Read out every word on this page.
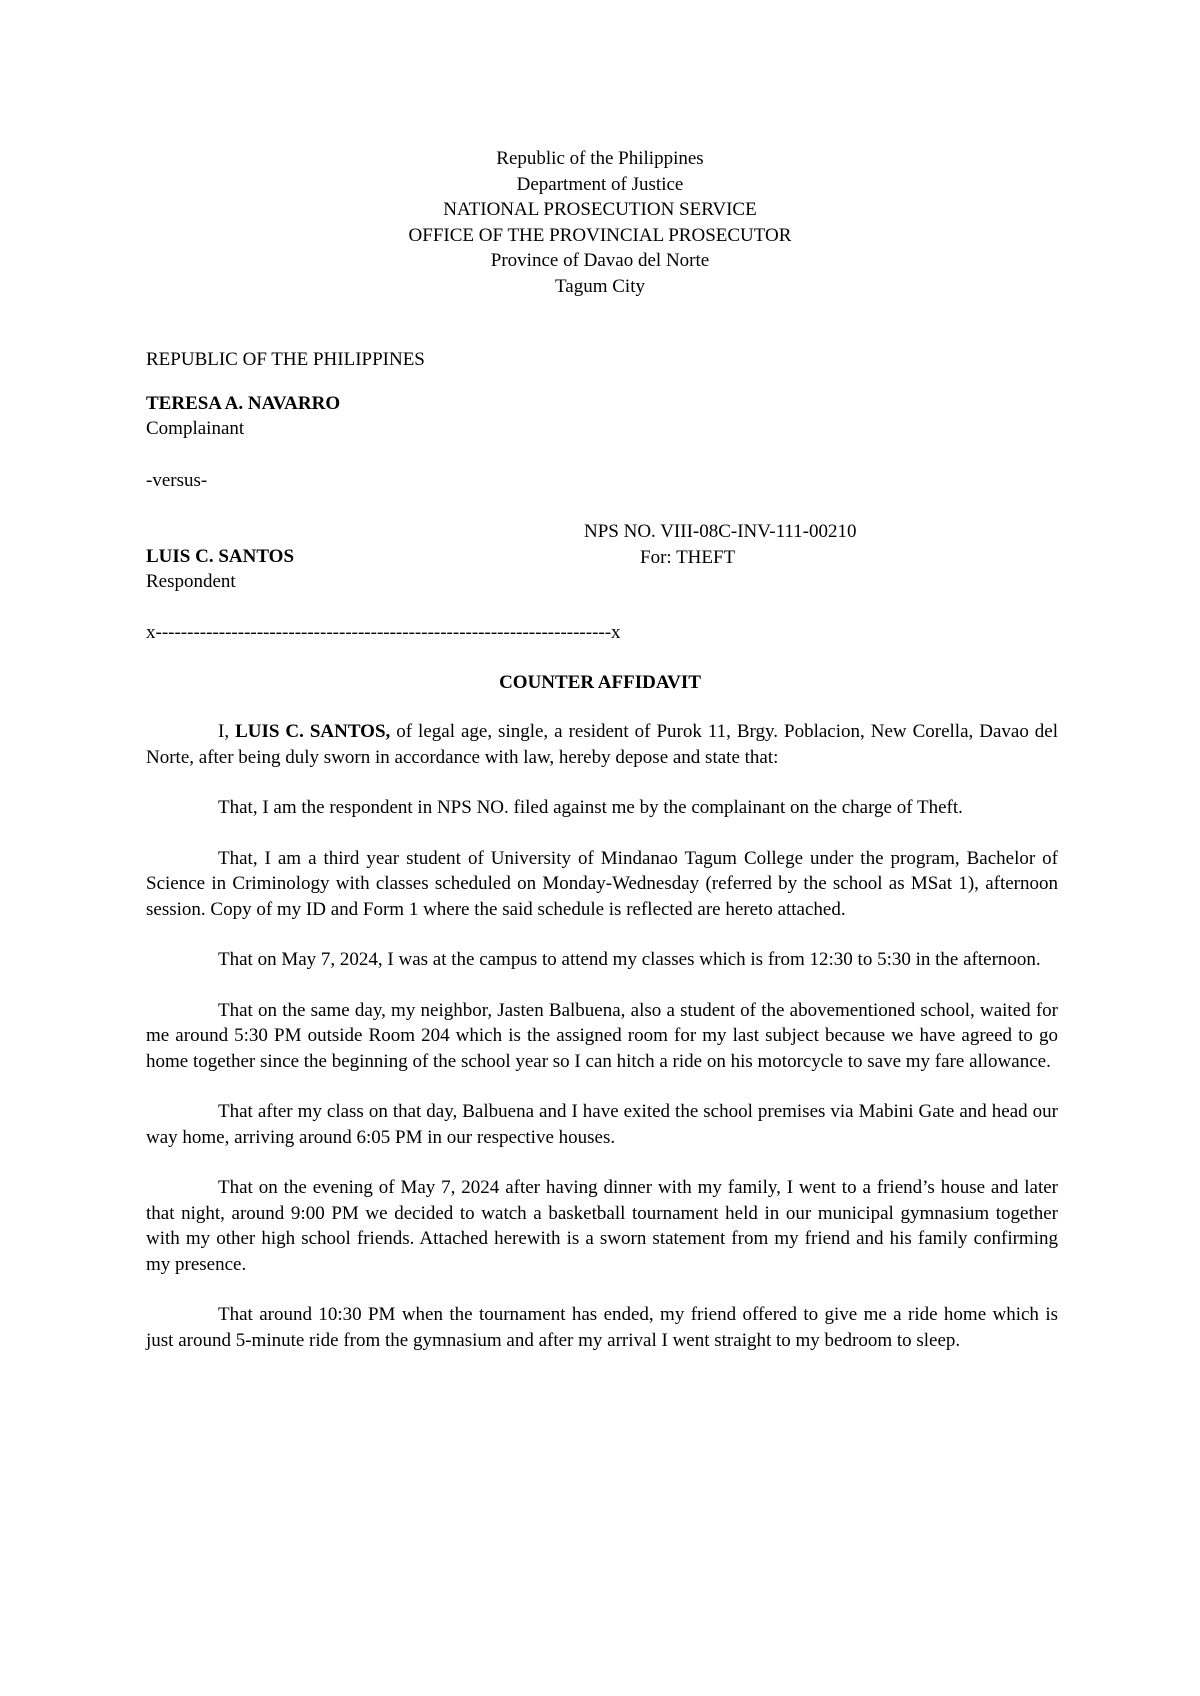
Republic of the Philippines
Department of Justice
NATIONAL PROSECUTION SERVICE
OFFICE OF THE PROVINCIAL PROSECUTOR
Province of Davao del Norte
Tagum City
REPUBLIC OF THE PHILIPPINES
TERESA A. NAVARRO
Complainant
-versus-
NPS NO. VIII-08C-INV-111-00210
For: THEFT
LUIS C. SANTOS
Respondent
x------------------------------------------------------------------------x
COUNTER AFFIDAVIT

I, LUIS C. SANTOS, of legal age, single, a resident of Purok 11, Brgy. Poblacion, New Corella, Davao del Norte, after being duly sworn in accordance with law, hereby depose and state that:

That, I am the respondent in NPS NO. filed against me by the complainant on the charge of Theft.

That, I am a third year student of University of Mindanao Tagum College under the program, Bachelor of Science in Criminology with classes scheduled on Monday-Wednesday (referred by the school as MSat 1), afternoon session. Copy of my ID and Form 1 where the said schedule is reflected are hereto attached.

That on May 7, 2024, I was at the campus to attend my classes which is from 12:30 to 5:30 in the afternoon.

That on the same day, my neighbor, Jasten Balbuena, also a student of the abovementioned school, waited for me around 5:30 PM outside Room 204 which is the assigned room for my last subject because we have agreed to go home together since the beginning of the school year so I can hitch a ride on his motorcycle to save my fare allowance.

That after my class on that day, Balbuena and I have exited the school premises via Mabini Gate and head our way home, arriving around 6:05 PM in our respective houses.

That on the evening of May 7, 2024 after having dinner with my family, I went to a friend’s house and later that night, around 9:00 PM we decided to watch a basketball tournament held in our municipal gymnasium together with my other high school friends. Attached herewith is a sworn statement from my friend and his family confirming my presence.

That around 10:30 PM when the tournament has ended, my friend offered to give me a ride home which is just around 5-minute ride from the gymnasium and after my arrival I went straight to my bedroom to sleep.
